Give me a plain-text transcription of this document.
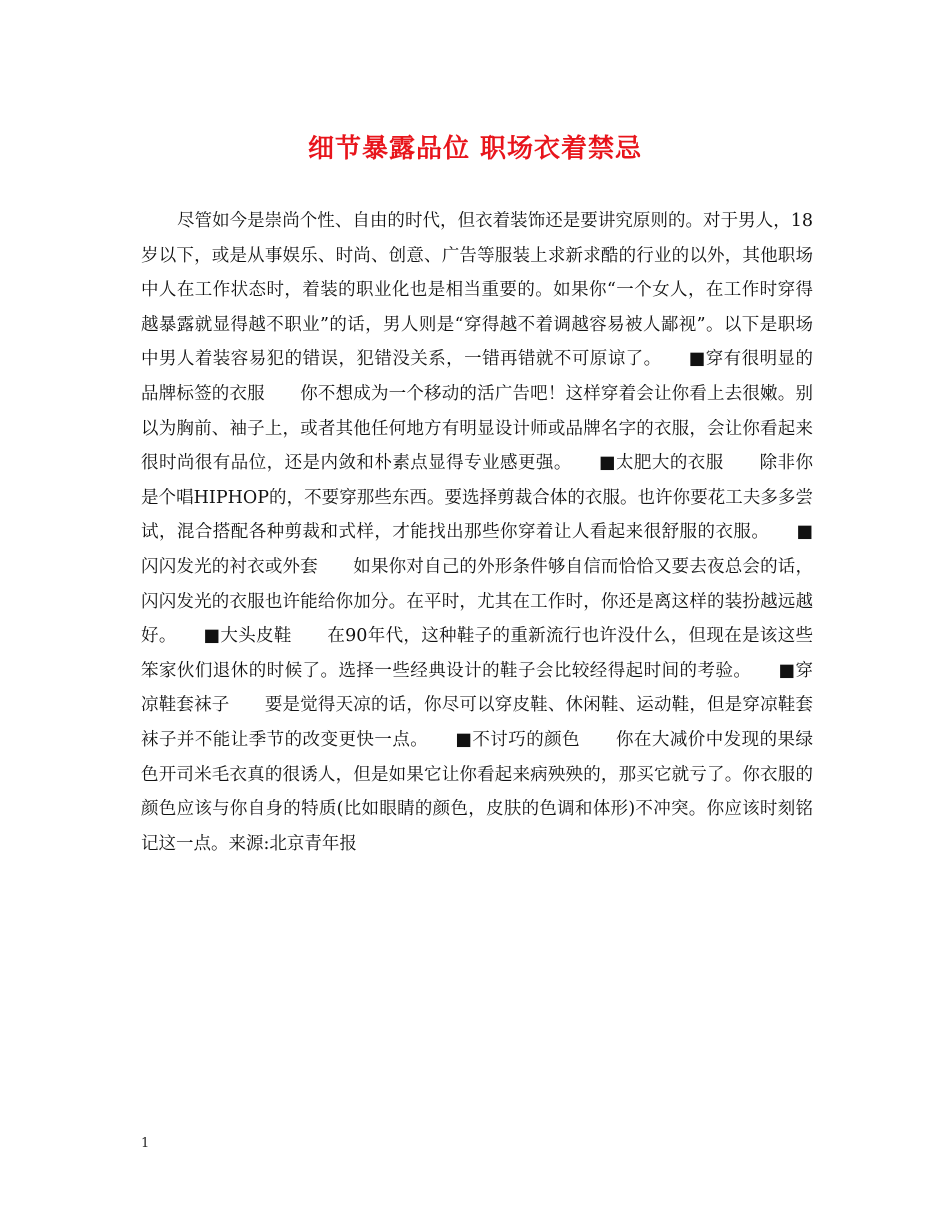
细节暴露品位 职场衣着禁忌

尽管如今是崇尚个性、自由的时代，但衣着装饰还是要讲究原则的。对于男人，18岁以下，或是从事娱乐、时尚、创意、广告等服装上求新求酷的行业的以外，其他职场中人在工作状态时，着装的职业化也是相当重要的。如果你“一个女人，在工作时穿得越暴露就显得越不职业”的话，男人则是“穿得越不着调越容易被人鄙视”。以下是职场中男人着装容易犯的错误，犯错没关系，一错再错就不可原谅了。　　■穿有很明显的品牌标签的衣服　　你不想成为一个移动的活广告吧！这样穿着会让你看上去很嫩。别以为胸前、袖子上，或者其他任何地方有明显设计师或品牌名字的衣服，会让你看起来很时尚很有品位，还是内敛和朴素点显得专业感更强。　　■太肥大的衣服　　除非你是个唱HIPHOP的，不要穿那些东西。要选择剪裁合体的衣服。也许你要花工夫多多尝试，混合搭配各种剪裁和式样，才能找出那些你穿着让人看起来很舒服的衣服。　　■闪闪发光的衬衣或外套　　如果你对自己的外形条件够自信而恰恰又要去夜总会的话，闪闪发光的衣服也许能给你加分。在平时，尤其在工作时，你还是离这样的装扮越远越好。　　■大头皮鞋　　在90年代，这种鞋子的重新流行也许没什么，但现在是该这些笨家伙们退休的时候了。选择一些经典设计的鞋子会比较经得起时间的考验。　　■穿凉鞋套袜子　　要是觉得天凉的话，你尽可以穿皮鞋、休闲鞋、运动鞋，但是穿凉鞋套袜子并不能让季节的改变更快一点。　　■不讨巧的颜色　　你在大减价中发现的果绿色开司米毛衣真的很诱人，但是如果它让你看起来病殃殃的，那买它就亏了。你衣服的颜色应该与你自身的特质(比如眼睛的颜色，皮肤的色调和体形)不冲突。你应该时刻铭记这一点。来源:北京青年报

1
